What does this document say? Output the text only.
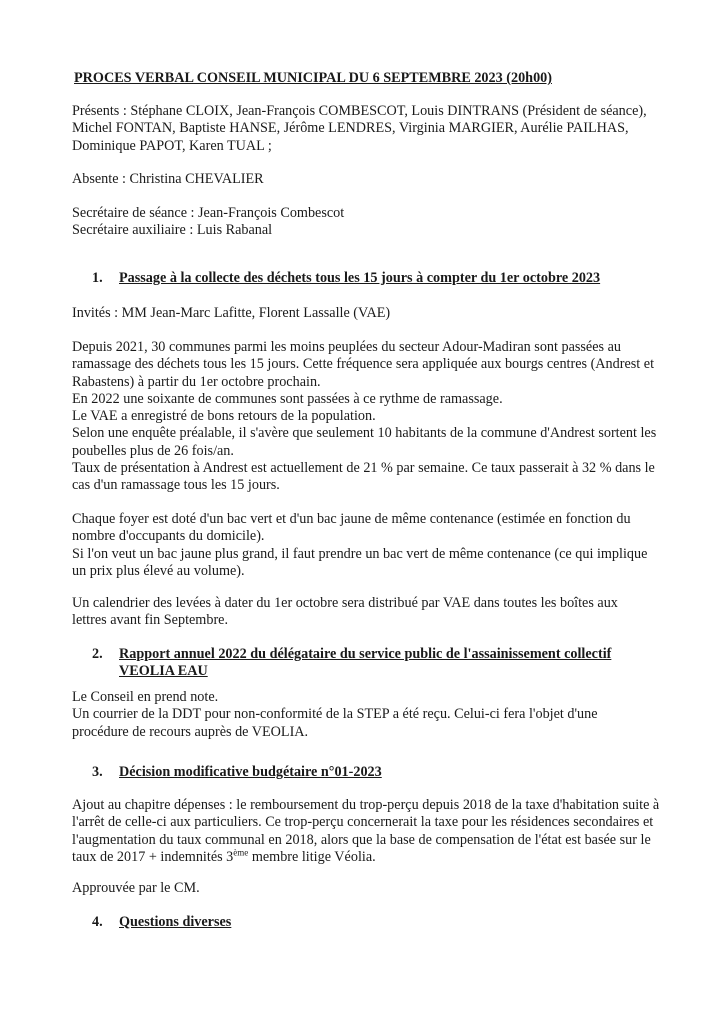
PROCES VERBAL CONSEIL MUNICIPAL DU 6 SEPTEMBRE 2023 (20h00)

Présents : Stéphane CLOIX, Jean-François COMBESCOT, Louis DINTRANS (Président de séance), Michel FONTAN, Baptiste HANSE, Jérôme LENDRES, Virginia MARGIER, Aurélie PAILHAS, Dominique PAPOT, Karen TUAL ;

Absente : Christina CHEVALIER

Secrétaire de séance : Jean-François Combescot

Secrétaire auxiliaire : Luis Rabanal

1. Passage à la collecte des déchets tous les 15 jours à compter du 1er octobre 2023

Invités : MM Jean-Marc Lafitte, Florent Lassalle (VAE)

Depuis 2021, 30 communes parmi les moins peuplées du secteur Adour-Madiran sont passées au ramassage des déchets tous les 15 jours. Cette fréquence sera appliquée aux bourgs centres (Andrest et Rabastens) à partir du 1er octobre prochain.

En 2022 une soixante de communes sont passées à ce rythme de ramassage.

Le VAE a enregistré de bons retours de la population.

Selon une enquête préalable, il s'avère que seulement 10 habitants de la commune d'Andrest sortent les poubelles plus de 26 fois/an.

Taux de présentation à Andrest est actuellement de 21 % par semaine. Ce taux passerait à 32 % dans le cas d'un ramassage tous les 15 jours.

Chaque foyer est doté d'un bac vert et d'un bac jaune de même contenance (estimée en fonction du nombre d'occupants du domicile).

Si l'on veut un bac jaune plus grand, il faut prendre un bac vert de même contenance (ce qui implique un prix plus élevé au volume).

Un calendrier des levées à dater du 1er octobre sera distribué par VAE dans toutes les boîtes aux lettres avant fin Septembre.

2. Rapport annuel 2022 du délégataire du service public de l'assainissement collectif
VEOLIA EAU

Le Conseil en prend note.

Un courrier de la DDT pour non-conformité de la STEP a été reçu. Celui-ci fera l'objet d'une procédure de recours auprès de VEOLIA.

3. Décision modificative budgétaire n°01-2023

Ajout au chapitre dépenses : le remboursement du trop-perçu depuis 2018 de la taxe d'habitation suite à l'arrêt de celle-ci aux particuliers. Ce trop-perçu concernerait la taxe pour les résidences secondaires et l'augmentation du taux communal en 2018, alors que la base de compensation de l'état est basée sur le taux de 2017 + indemnités 3ème membre litige Véolia.

Approuvée par le CM.

4. Questions diverses
